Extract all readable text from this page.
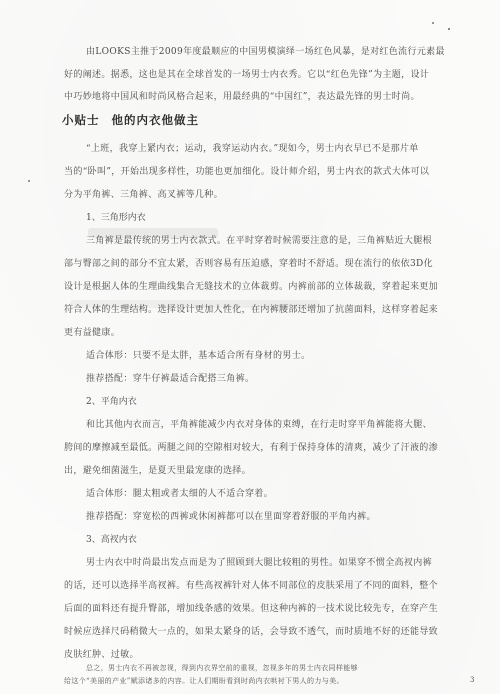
由LOOKS主推于2009年度最顺应的中国男模演绎一场红色风暴，是对红色流行元素最
好的阐述。据悉，这也是其在全球首发的一场男士内衣秀。它以“红色先锋”为主题，设计
中巧妙地将中国风和时尚风格合起来，用最经典的“中国红”，表达最先锋的男士时尚。
小贴士 他的内衣他做主
“上班，我穿上紧内衣；运动，我穿运动内衣。”现如今，男士内衣早已不是那片单
当的“卧叫”，开始出现多样性，功能也更加细化。设计师介绍，男士内衣的款式大体可以
分为平角裤、三角裤、高叉裤等几种。
1、三角形内衣
三角裤是最传统的男士内衣款式。在平时穿着时候需要注意的是，三角裤贴近大腿根
部与臀部之间的部分不宜太紧，否则容易有压迫感，穿着时不舒适。现在流行的依依3D化
设计是根据人体的生理曲线集合无缝技术的立体裁剪。内裤前部的立体裁裁，穿着起来更加
符合人体的生理结构。选择设计更加人性化，在内裤腰部还增加了抗菌面料，这样穿着起来
更有益健康。
适合体形：只要不是太胖，基本适合所有身材的男士。
推荐搭配：穿牛仔裤最适合配搭三角裤。
2、平角内衣
和比其他内衣而言，平角裤能减少内衣对身体的束缚，在行走时穿平角裤能将大腿、
胯间的摩擦减至最低。两腿之间的空隙相对较大，有利于保持身体的清爽，减少了汗液的渗
出，避免细菌滋生，是夏天里最宠康的选择。
适合体形：腿太粗或者太细的人不适合穿着。
推荐搭配：穿宽松的西裤或休闲裤都可以在里面穿着舒服的平角内裤。
3、高衩内衣
男士内衣中时尚最出发点而是为了照顾到大腿比较粗的男性。如果穿不惯全高衩内裤
的话，还可以选择半高衩裤。有些高衩裤针对人体不同部位的皮肤采用了不同的面料，整个
后面的面料还有提升臀部，增加线条感的效果。但这种内裤的一技术说比较先专，在穿产生
时候应选择尺码稍微大一点的，如果太紧身的话，会导致不透气，而时质地不好的还能导致
皮肤红肿、过敏。
总之，男士内衣不再被忽视，得到内衣界空前的重视，忽视多年的男士内衣同样能够
给这个“美丽的产业”赋添诸多的内容。让人们期盼看到时尚内衣哄衬下男人的力与美。	3
